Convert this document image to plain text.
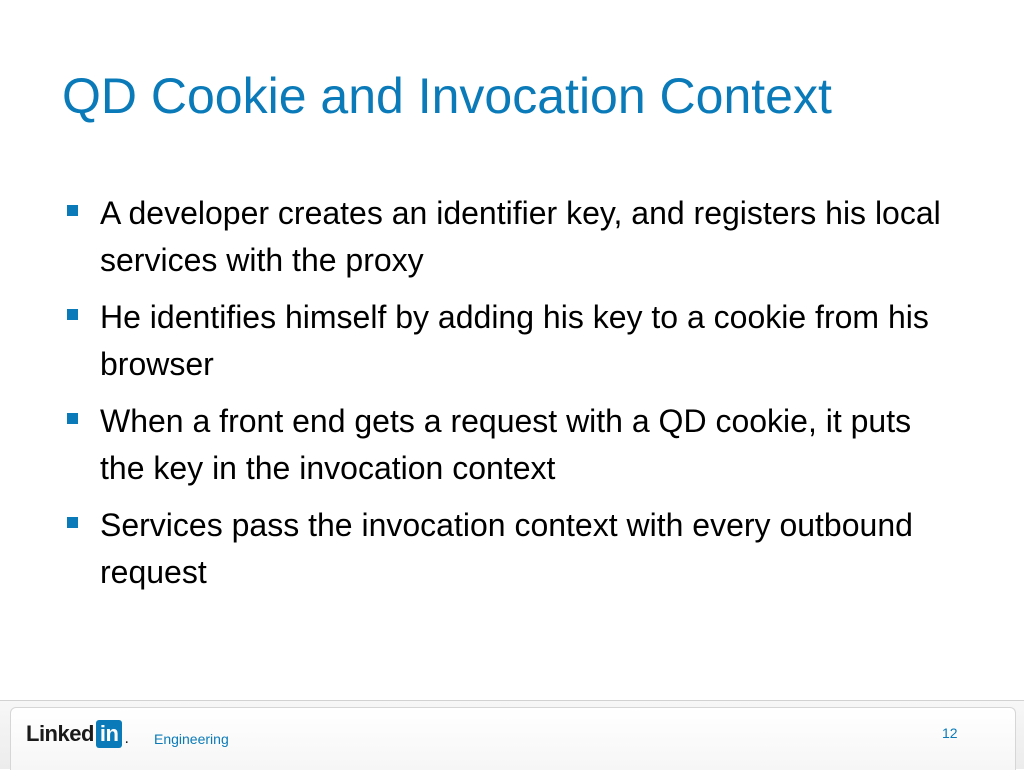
QD Cookie and Invocation Context
A developer creates an identifier key, and registers his local services with the proxy
He identifies himself by adding his key to a cookie from his browser
When a front end gets a request with a QD cookie, it puts the key in the invocation context
Services pass the invocation context with every outbound request
Linked in . Engineering	12
